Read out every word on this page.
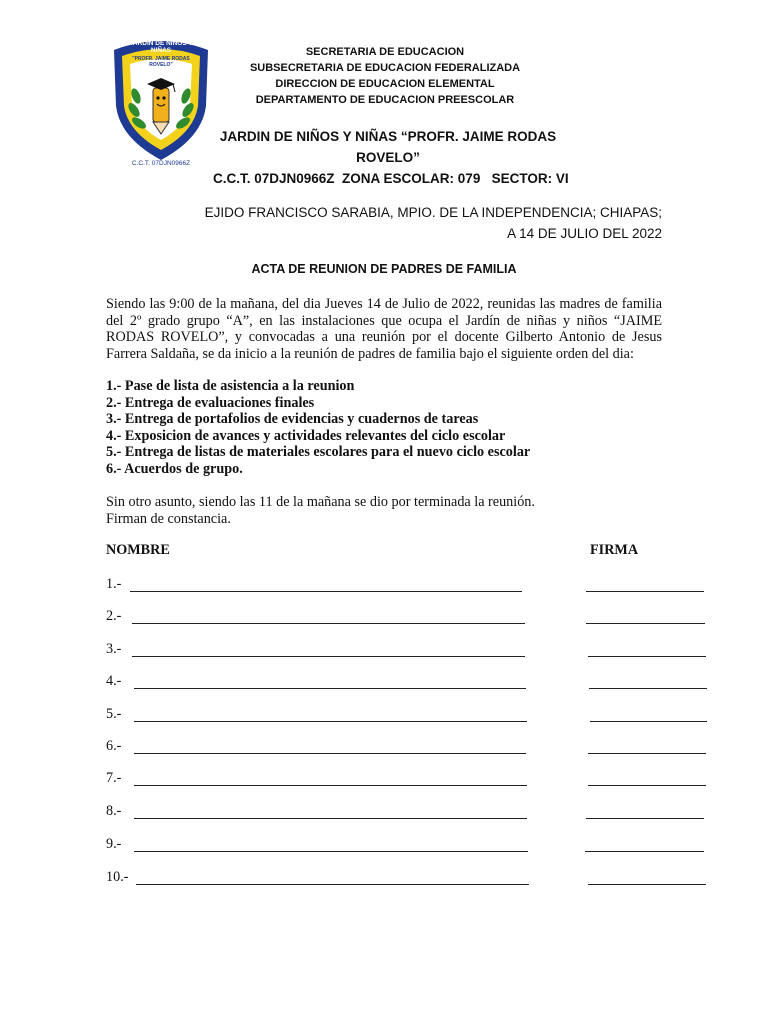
JARDIN DE NIÑOS Y NIÑAS
"PROFR. JAIME RODAS ROVELO"
C.C.T. 07DJN0966Z
SECRETARIA DE EDUCACION
SUBSECRETARIA DE EDUCACION FEDERALIZADA
DIRECCION DE EDUCACION ELEMENTAL
DEPARTAMENTO DE EDUCACION PREESCOLAR
JARDIN DE NIÑOS Y NIÑAS “PROFR. JAIME RODAS ROVELO”
C.C.T. 07DJN0966Z  ZONA ESCOLAR: 079   SECTOR: VI
EJIDO FRANCISCO SARABIA, MPIO. DE LA INDEPENDENCIA; CHIAPAS;
A 14 DE JULIO DEL 2022
ACTA DE REUNION DE PADRES DE FAMILIA
Siendo las 9:00 de la mañana, del dia Jueves 14 de Julio de 2022, reunidas las madres de familia del 2º grado grupo “A”, en las instalaciones que ocupa el Jardín de niñas y niños “JAIME RODAS ROVELO”, y convocadas a una reunión por el docente Gilberto Antonio de Jesus Farrera Saldaña, se da inicio a la reunión de padres de familia bajo el siguiente orden del dia:
1.- Pase de lista de asistencia a la reunion
2.- Entrega de evaluaciones finales
3.- Entrega de portafolios de evidencias y cuadernos de tareas
4.- Exposicion de avances y actividades relevantes del ciclo escolar
5.- Entrega de listas de materiales escolares para el nuevo ciclo escolar
6.- Acuerdos de grupo.
Sin otro asunto, siendo las 11 de la mañana se dio por terminada la reunión.
Firman de constancia.
NOMBRE	FIRMA
1.-
2.-
3.-
4.-
5.-
6.-
7.-
8.-
9.-
10.-
